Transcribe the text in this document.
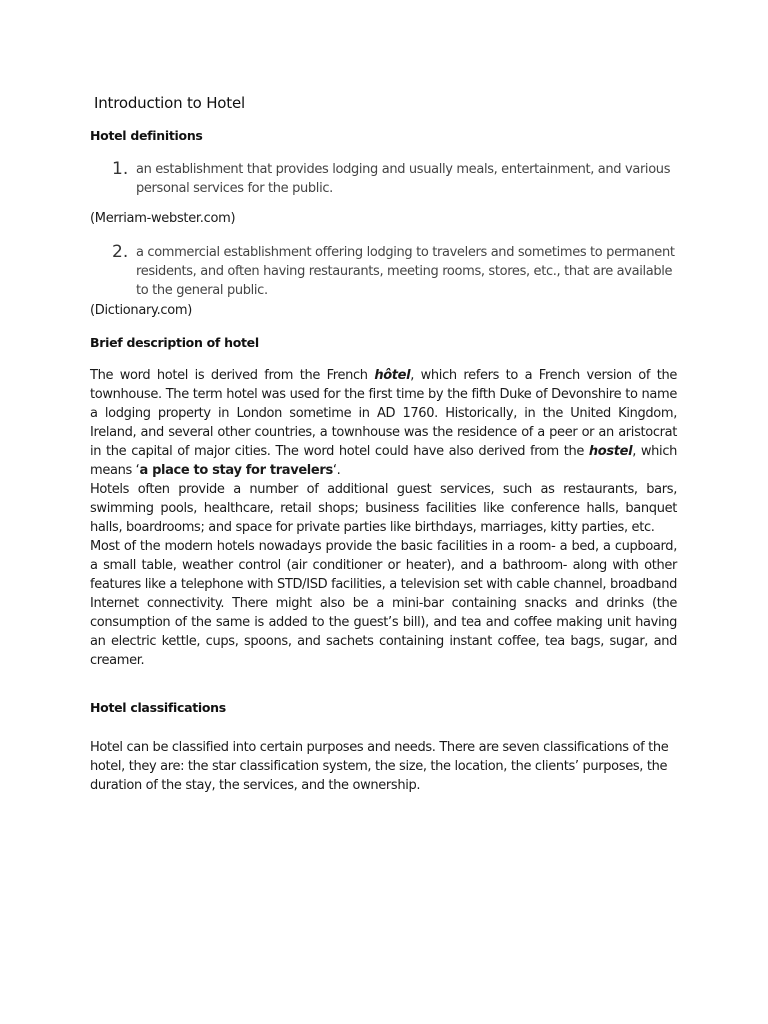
Introduction to Hotel
Hotel definitions
1. an establishment that provides lodging and usually meals, entertainment, and various personal services for the public.
(Merriam-webster.com)
2. a commercial establishment offering lodging to travelers and sometimes to permanent residents, and often having restaurants, meeting rooms, stores, etc., that are available to the general public.
(Dictionary.com)
Brief description of hotel
The word hotel is derived from the French hôtel, which refers to a French version of the townhouse. The term hotel was used for the first time by the fifth Duke of Devonshire to name a lodging property in London sometime in AD 1760. Historically, in the United Kingdom, Ireland, and several other countries, a townhouse was the residence of a peer or an aristocrat in the capital of major cities. The word hotel could have also derived from the hostel, which means ‘a place to stay for travelers‘.
Hotels often provide a number of additional guest services, such as restaurants, bars, swimming pools, healthcare, retail shops; business facilities like conference halls, banquet halls, boardrooms; and space for private parties like birthdays, marriages, kitty parties, etc.
Most of the modern hotels nowadays provide the basic facilities in a room- a bed, a cupboard, a small table, weather control (air conditioner or heater), and a bathroom- along with other features like a telephone with STD/ISD facilities, a television set with cable channel, broadband Internet connectivity. There might also be a mini-bar containing snacks and drinks (the consumption of the same is added to the guest’s bill), and tea and coffee making unit having an electric kettle, cups, spoons, and sachets containing instant coffee, tea bags, sugar, and creamer.
Hotel classifications
Hotel can be classified into certain purposes and needs. There are seven classifications of the hotel, they are: the star classification system, the size, the location, the clients’ purposes, the duration of the stay, the services, and the ownership.
